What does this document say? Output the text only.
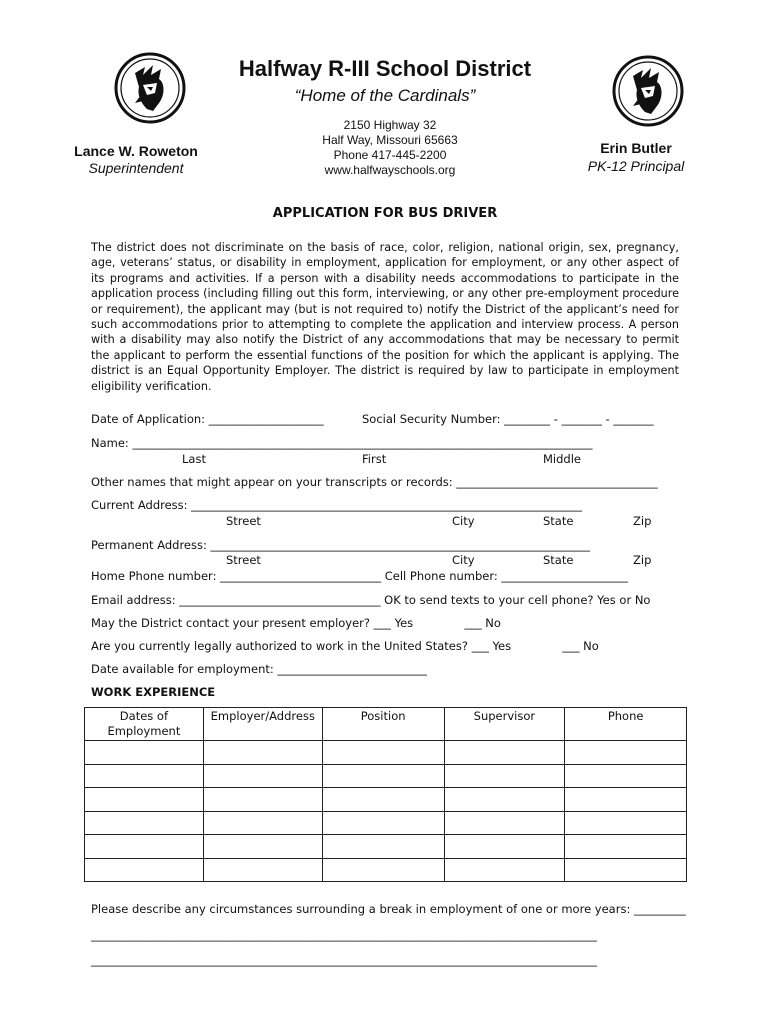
Halfway R-III School District
“Home of the Cardinals”
2150 Highway 32
Half Way, Missouri 65663
Phone 417-445-2200
www.halfwayschools.org
Lance W. Roweton
Superintendent
Erin Butler
PK-12 Principal
APPLICATION FOR BUS DRIVER
The district does not discriminate on the basis of race, color, religion, national origin, sex, pregnancy, age, veterans’ status, or disability in employment, application for employment, or any other aspect of its programs and activities. If a person with a disability needs accommodations to participate in the application process (including filling out this form, interviewing, or any other pre-employment procedure or requirement), the applicant may (but is not required to) notify the District of the applicant’s need for such accommodations prior to attempting to complete the application and interview process. A person with a disability may also notify the District of any accommodations that may be necessary to permit the applicant to perform the essential functions of the position for which the applicant is applying. The district is an Equal Opportunity Employer. The district is required by law to participate in employment eligibility verification.
Date of Application: ____________________	Social Security Number: ________ - _______ - _______
Name: ________________________________________________________________________________
Last	First	Middle
Other names that might appear on your transcripts or records: ___________________________________
Current Address: ____________________________________________________________________
Street	City	State	Zip
Permanent Address: __________________________________________________________________
Street	City	State	Zip
Home Phone number: ____________________________ Cell Phone number: ______________________
Email address: ___________________________________ OK to send texts to your cell phone? Yes or No
May the District contact your present employer? ___ Yes              ___ No
Are you currently legally authorized to work in the United States? ___ Yes              ___ No
Date available for employment: __________________________
WORK EXPERIENCE
Dates of Employment	Employer/Address	Position	Supervisor	Phone

Please describe any circumstances surrounding a break in employment of one or more years: _________
________________________________________________________________________________________
________________________________________________________________________________________
